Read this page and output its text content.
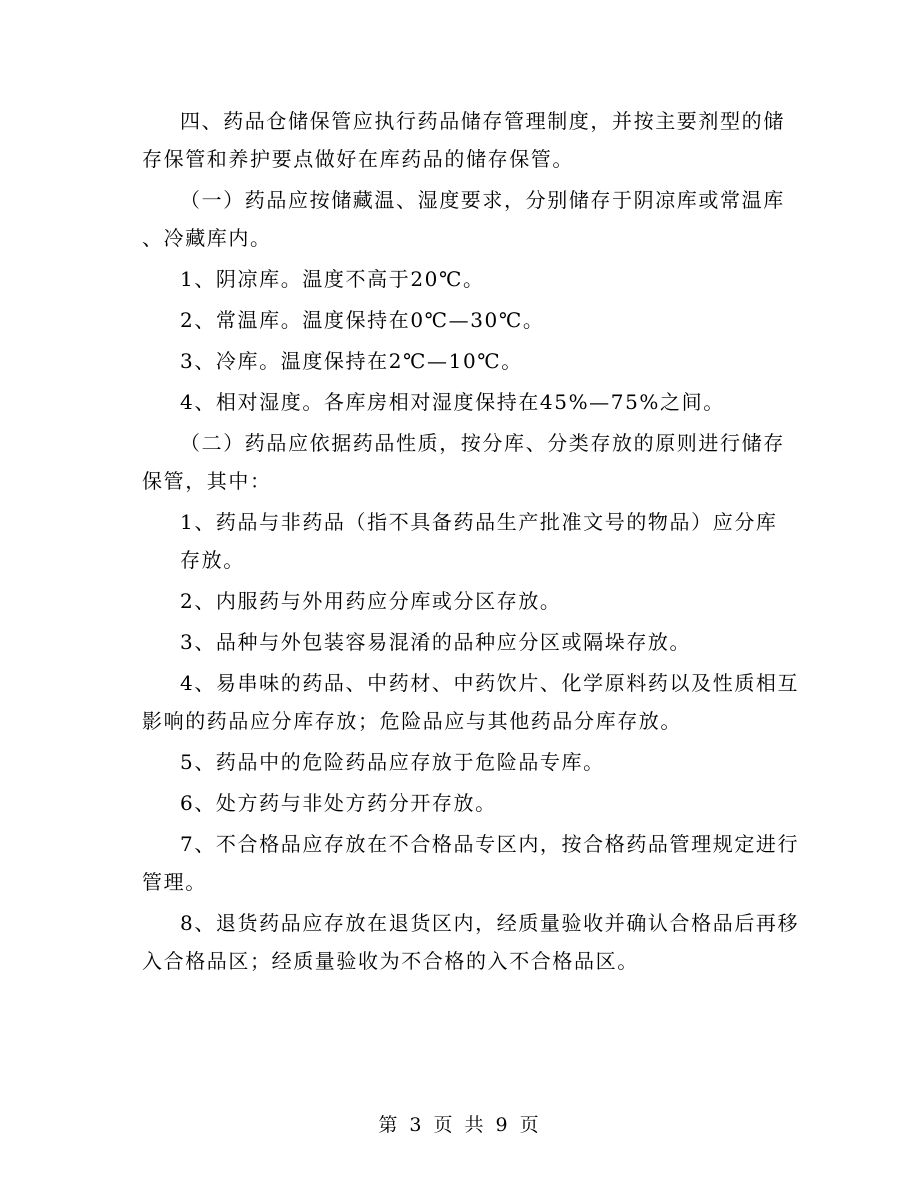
四、药品仓储保管应执行药品储存管理制度，并按主要剂型的储
存保管和养护要点做好在库药品的储存保管。
（一）药品应按储藏温、湿度要求，分别储存于阴凉库或常温库
、冷藏库内。
1、阴凉库。温度不高于20℃。
2、常温库。温度保持在0℃—30℃。
3、冷库。温度保持在2℃—10℃。
4、相对湿度。各库房相对湿度保持在45%—75%之间。
（二）药品应依据药品性质，按分库、分类存放的原则进行储存
保管，其中：
1、药品与非药品（指不具备药品生产批准文号的物品）应分库
存放。
2、内服药与外用药应分库或分区存放。
3、品种与外包装容易混淆的品种应分区或隔垛存放。
4、易串味的药品、中药材、中药饮片、化学原料药以及性质相互
影响的药品应分库存放；危险品应与其他药品分库存放。
5、药品中的危险药品应存放于危险品专库。
6、处方药与非处方药分开存放。
7、不合格品应存放在不合格品专区内，按合格药品管理规定进行
管理。
8、退货药品应存放在退货区内，经质量验收并确认合格品后再移
入合格品区；经质量验收为不合格的入不合格品区。
第 3 页 共 9 页
